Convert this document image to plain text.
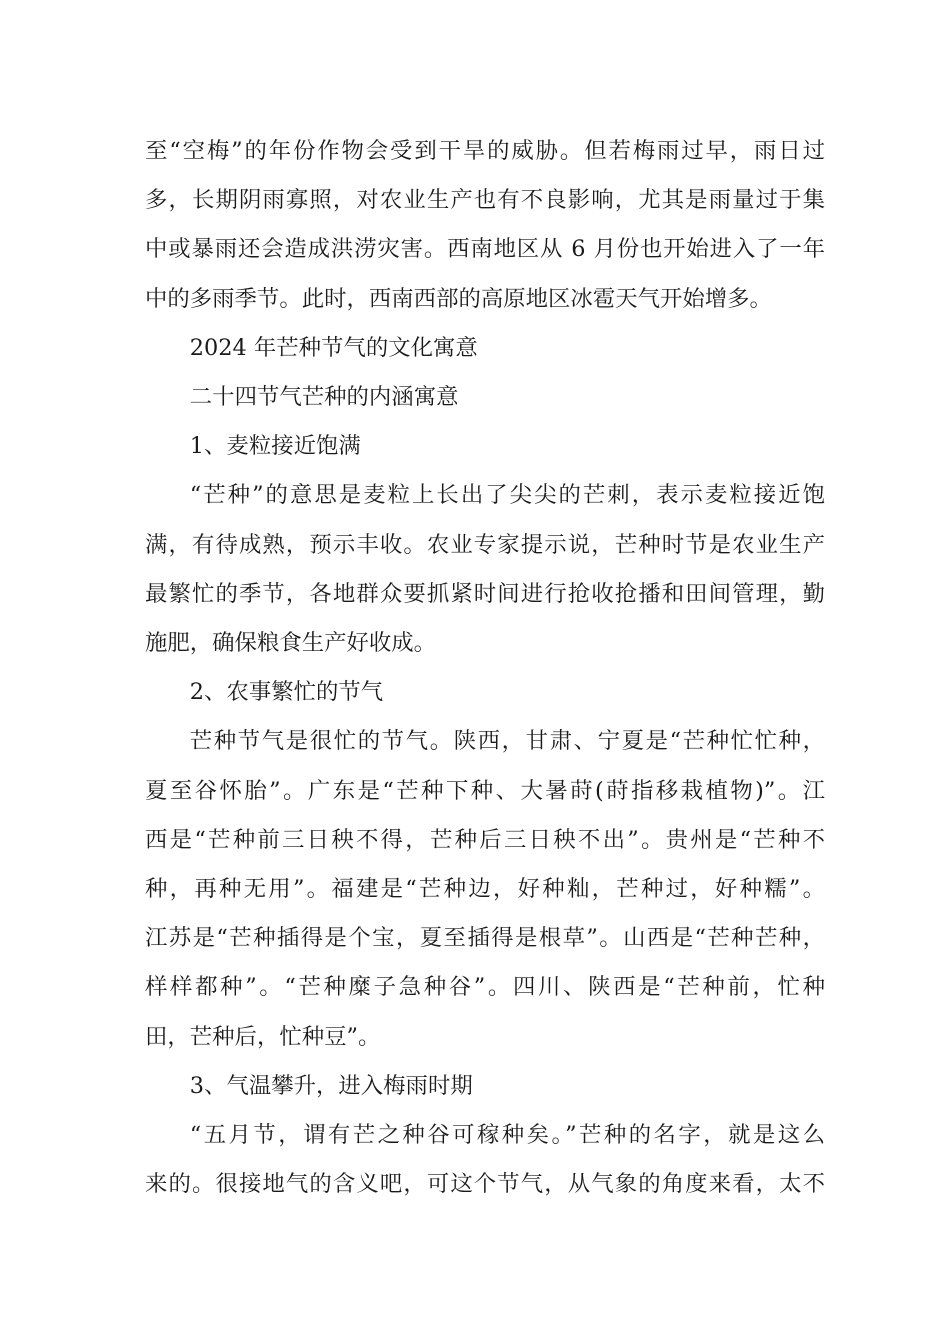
至“空梅”的年份作物会受到干旱的威胁。但若梅雨过早，雨日过
多，长期阴雨寡照，对农业生产也有不良影响，尤其是雨量过于集
中或暴雨还会造成洪涝灾害。西南地区从 6 月份也开始进入了一年
中的多雨季节。此时，西南西部的高原地区冰雹天气开始增多。

2024 年芒种节气的文化寓意

二十四节气芒种的内涵寓意

1、麦粒接近饱满

“芒种”的意思是麦粒上长出了尖尖的芒刺，表示麦粒接近饱
满，有待成熟，预示丰收。农业专家提示说，芒种时节是农业生产
最繁忙的季节，各地群众要抓紧时间进行抢收抢播和田间管理，勤
施肥，确保粮食生产好收成。

2、农事繁忙的节气

芒种节气是很忙的节气。陕西，甘肃、宁夏是“芒种忙忙种，
夏至谷怀胎”。广东是“芒种下种、大暑莳(莳指移栽植物)”。江
西是“芒种前三日秧不得，芒种后三日秧不出”。贵州是“芒种不
种，再种无用”。福建是“芒种边，好种籼，芒种过，好种糯”。
江苏是“芒种插得是个宝，夏至插得是根草”。山西是“芒种芒种，
样样都种”。“芒种糜子急种谷”。四川、陕西是“芒种前，忙种
田，芒种后，忙种豆”。

3、气温攀升，进入梅雨时期

“五月节，谓有芒之种谷可稼种矣。”芒种的名字，就是这么
来的。很接地气的含义吧，可这个节气，从气象的角度来看，太不
